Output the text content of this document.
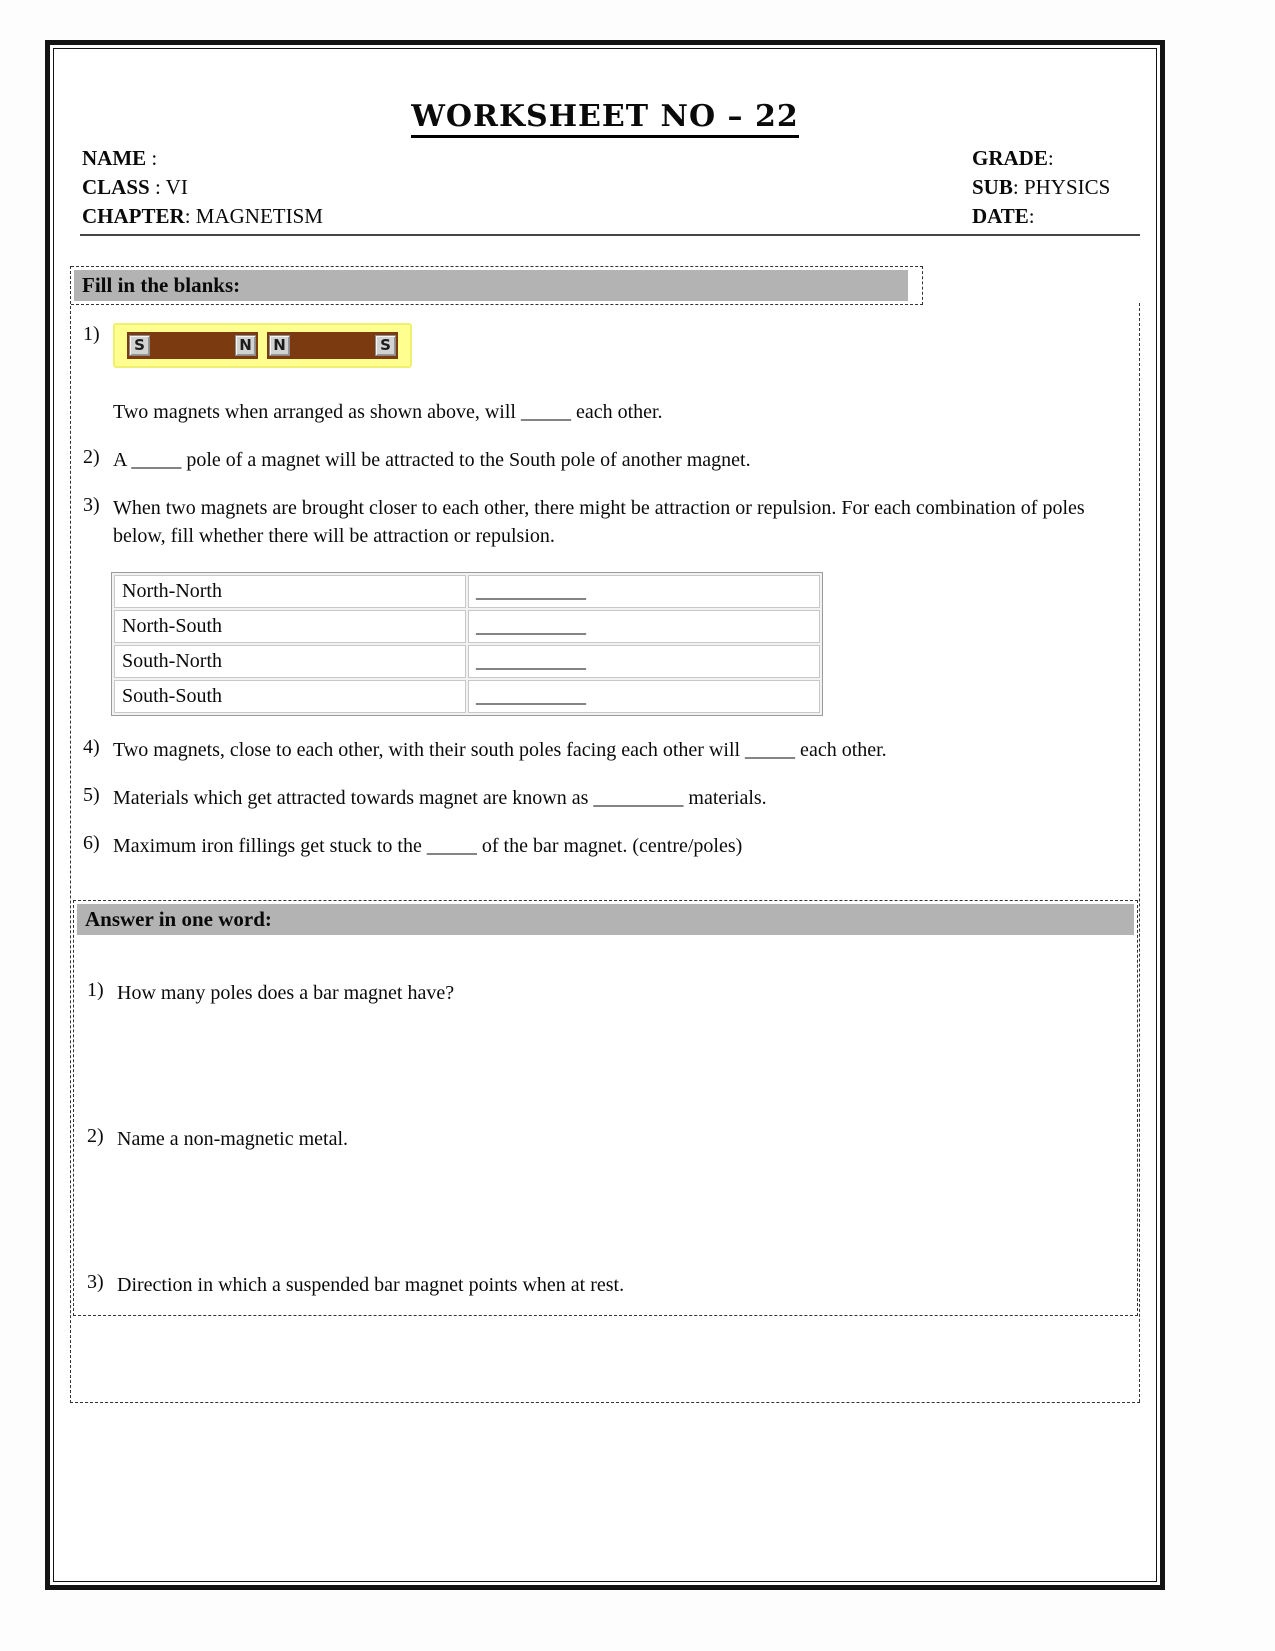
WORKSHEET NO – 22
NAME :
CLASS : VI
CHAPTER: MAGNETISM
GRADE:
SUB: PHYSICS
DATE:
Fill in the blanks:
1)	S	N N	S
Two magnets when arranged as shown above, will _____ each other.
2) A _____ pole of a magnet will be attracted to the South pole of another magnet.
3) When two magnets are brought closer to each other, there might be attraction or repulsion. For each combination of poles below, fill whether there will be attraction or repulsion.
North-North	___________
North-South	___________
South-North	___________
South-South	___________
4) Two magnets, close to each other, with their south poles facing each other will _____ each other.
5) Materials which get attracted towards magnet are known as _________ materials.
6) Maximum iron fillings get stuck to the _____ of the bar magnet. (centre/poles)
Answer in one word:
1) How many poles does a bar magnet have?
2) Name a non-magnetic metal.
3) Direction in which a suspended bar magnet points when at rest.
